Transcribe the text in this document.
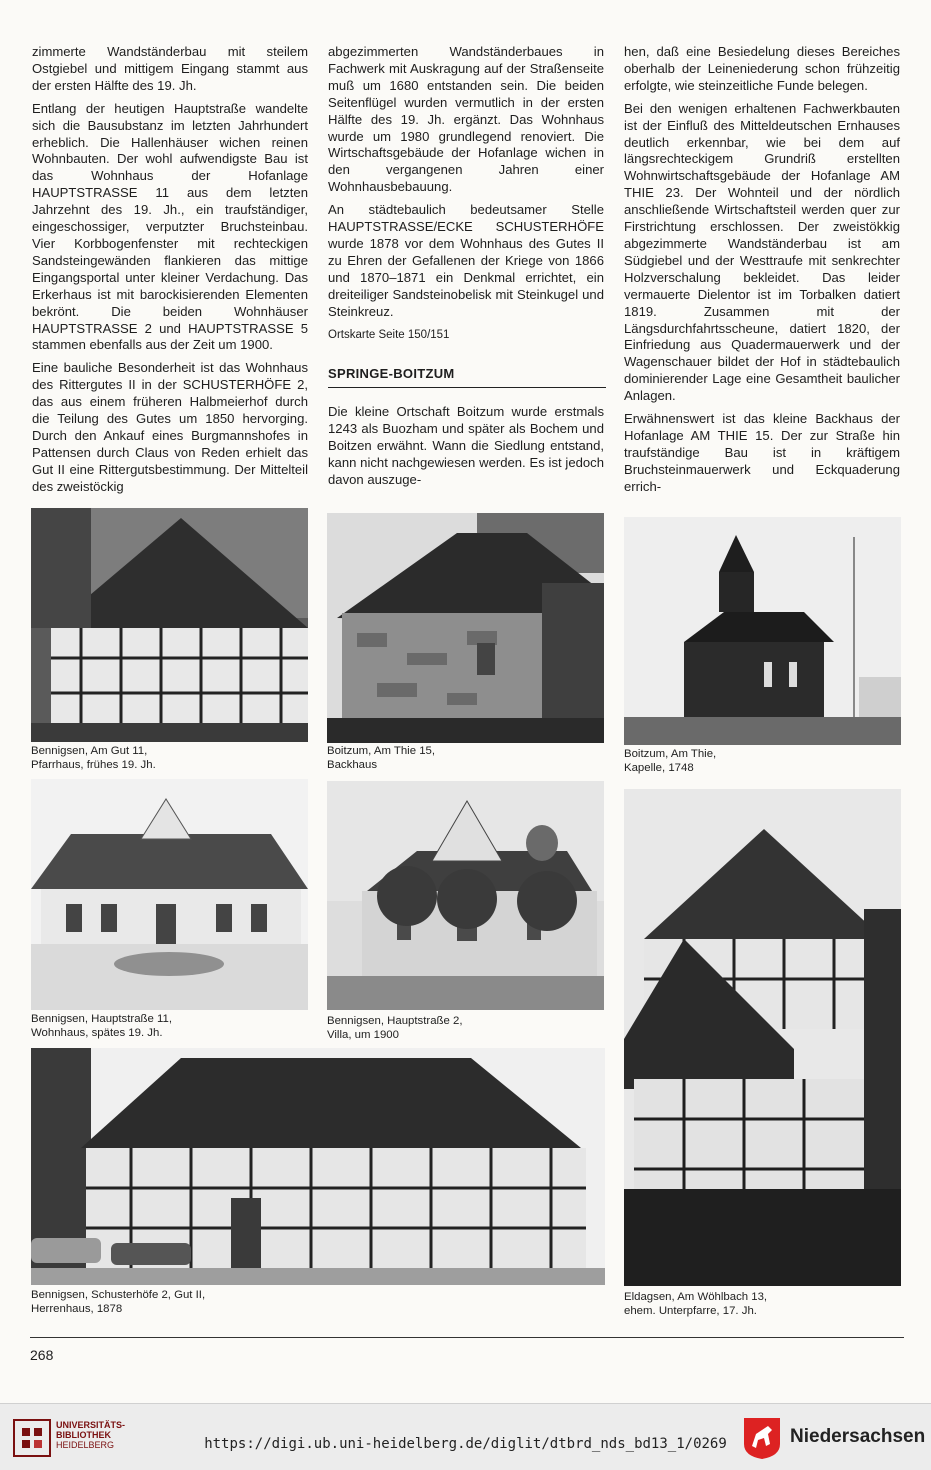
zimmerte Wandständerbau mit steilem Ostgiebel und mittigem Eingang stammt aus der ersten Hälfte des 19. Jh.

Entlang der heutigen Hauptstraße wandelte sich die Bausubstanz im letzten Jahrhundert erheblich. Die Hallenhäuser wichen reinen Wohnbauten. Der wohl aufwendigste Bau ist das Wohnhaus der Hofanlage HAUPTSTRASSE 11 aus dem letzten Jahrzehnt des 19. Jh., ein traufständiger, eingeschossiger, verputzter Bruchsteinbau. Vier Korbbogenfenster mit rechteckigen Sandsteingewänden flankieren das mittige Eingangsportal unter kleiner Verdachung. Das Erkerhaus ist mit barockisierenden Elementen bekrönt. Die beiden Wohnhäuser HAUPTSTRASSE 2 und HAUPTSTRASSE 5 stammen ebenfalls aus der Zeit um 1900.

Eine bauliche Besonderheit ist das Wohnhaus des Rittergutes II in der SCHUSTERHÖFE 2, das aus einem früheren Halbmeierhof durch die Teilung des Gutes um 1850 hervorging. Durch den Ankauf eines Burgmannshofes in Pattensen durch Claus von Reden erhielt das Gut II eine Rittergutsbestimmung. Der Mittelteil des zweistöckig

abgezimmerten Wandständerbaues in Fachwerk mit Auskragung auf der Straßenseite muß um 1680 entstanden sein. Die beiden Seitenflügel wurden vermutlich in der ersten Hälfte des 19. Jh. ergänzt. Das Wohnhaus wurde um 1980 grundlegend renoviert. Die Wirtschaftsgebäude der Hofanlage wichen in den vergangenen Jahren einer Wohnhausbebauung.

An städtebaulich bedeutsamer Stelle HAUPTSTRASSE/ECKE SCHUSTERHÖFE wurde 1878 vor dem Wohnhaus des Gutes II zu Ehren der Gefallenen der Kriege von 1866 und 1870–1871 ein Denkmal errichtet, ein dreiteiliger Sandsteinobelisk mit Steinkugel und Steinkreuz.

Ortskarte Seite 150/151

SPRINGE-BOITZUM

Die kleine Ortschaft Boitzum wurde erstmals 1243 als Buozham und später als Bochem und Boitzen erwähnt. Wann die Siedlung entstand, kann nicht nachgewiesen werden. Es ist jedoch davon auszuge-

hen, daß eine Besiedelung dieses Bereiches oberhalb der Leineniederung schon frühzeitig erfolgte, wie steinzeitliche Funde belegen.

Bei den wenigen erhaltenen Fachwerkbauten ist der Einfluß des Mitteldeutschen Ernhauses deutlich erkennbar, wie bei dem auf längsrechteckigem Grundriß erstellten Wohnwirtschaftsgebäude der Hofanlage AM THIE 23. Der Wohnteil und der nördlich anschließende Wirtschaftsteil werden quer zur Firstrichtung erschlossen. Der zweistökkig abgezimmerte Wandständerbau ist am Südgiebel und der Westtraufe mit senkrechter Holzverschalung bekleidet. Das leider vermauerte Dielentor ist im Torbalken datiert 1819. Zusammen mit der Längsdurchfahrtsscheune, datiert 1820, der Einfriedung aus Quadermauerwerk und der Wagenschauer bildet der Hof in städtebaulich dominierender Lage eine Gesamtheit baulicher Anlagen.

Erwähnenswert ist das kleine Backhaus der Hofanlage AM THIE 15. Der zur Straße hin traufständige Bau ist in kräftigem Bruchsteinmauerwerk und Eckquaderung errich-

Bennigsen, Am Gut 11,
Pfarrhaus, frühes 19. Jh.
Boitzum, Am Thie 15,
Backhaus
Boitzum, Am Thie,
Kapelle, 1748
Bennigsen, Hauptstraße 11,
Wohnhaus, spätes 19. Jh.
Bennigsen, Hauptstraße 2,
Villa, um 1900
Eldagsen, Am Wöhlbach 13,
ehem. Unterpfarre, 17. Jh.
Bennigsen, Schusterhöfe 2, Gut II,
Herrenhaus, 1878
268
UNIVERSITÄTS-
BIBLIOTHEK
HEIDELBERG	https://digi.ub.uni-heidelberg.de/diglit/dtbrd_nds_bd13_1/0269	Niedersachsen
